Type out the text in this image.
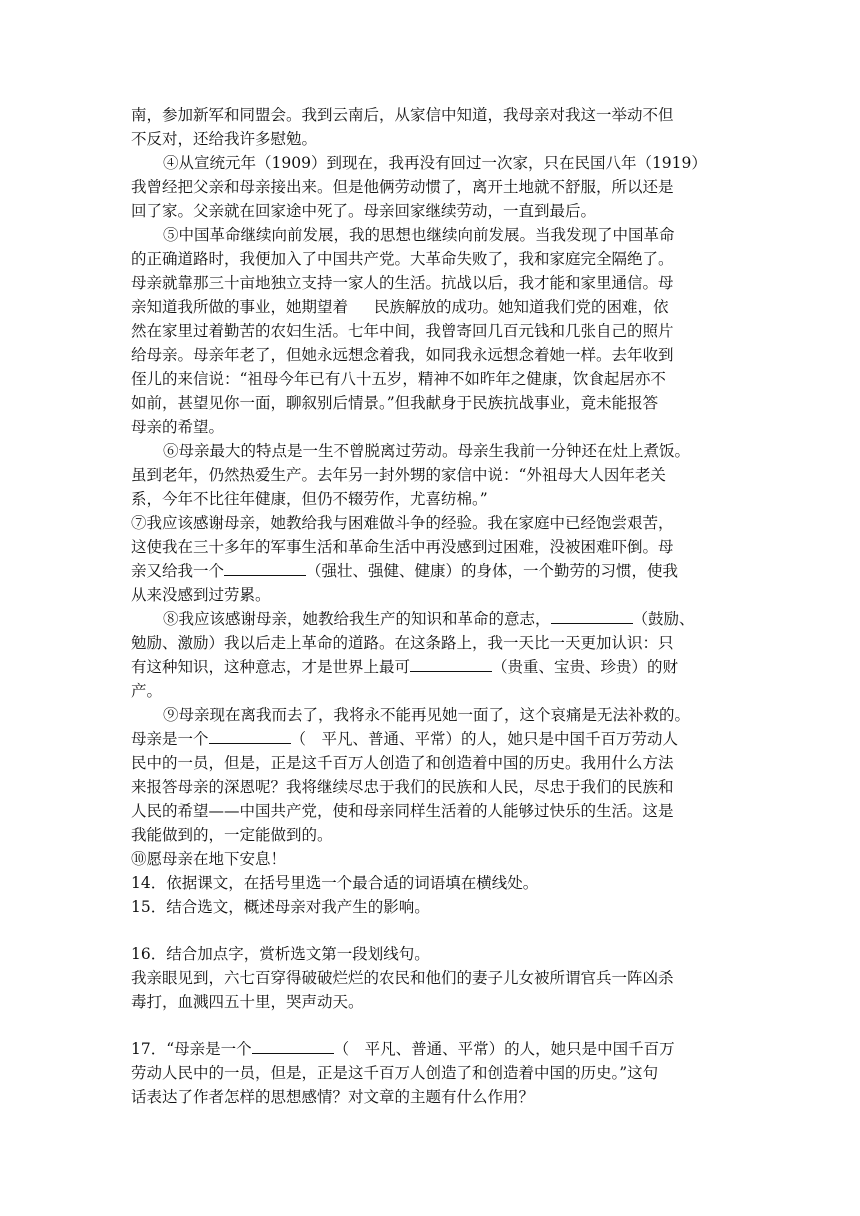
南，参加新军和同盟会。我到云南后，从家信中知道，我母亲对我这一举动不但
不反对，还给我许多慰勉。
④从宣统元年（1909）到现在，我再没有回过一次家，只在民国八年（1919）
我曾经把父亲和母亲接出来。但是他俩劳动惯了，离开土地就不舒服，所以还是
回了家。父亲就在回家途中死了。母亲回家继续劳动，一直到最后。
⑤中国革命继续向前发展，我的思想也继续向前发展。当我发现了中国革命
的正确道路时，我便加入了中国共产党。大革命失败了，我和家庭完全隔绝了。
母亲就靠那三十亩地独立支持一家人的生活。抗战以后，我才能和家里通信。母
亲知道我所做的事业，她期望着 民族解放的成功。她知道我们党的困难，依
然在家里过着勤苦的农妇生活。七年中间，我曾寄回几百元钱和几张自己的照片
给母亲。母亲年老了，但她永远想念着我，如同我永远想念着她一样。去年收到
侄儿的来信说：“祖母今年已有八十五岁，精神不如昨年之健康，饮食起居亦不
如前，甚望见你一面，聊叙别后情景。”但我献身于民族抗战事业，竟未能报答
母亲的希望。
⑥母亲最大的特点是一生不曾脱离过劳动。母亲生我前一分钟还在灶上煮饭。
虽到老年，仍然热爱生产。去年另一封外甥的家信中说：“外祖母大人因年老关
系，今年不比往年健康，但仍不辍劳作，尤喜纺棉。”
⑦我应该感谢母亲，她教给我与困难做斗争的经验。我在家庭中已经饱尝艰苦，
这使我在三十多年的军事生活和革命生活中再没感到过困难，没被困难吓倒。母
亲又给我一个	（强壮、强健、健康）的身体，一个勤劳的习惯，使我
从来没感到过劳累。
⑧我应该感谢母亲，她教给我生产的知识和革命的意志，	（鼓励、
勉励、激励）我以后走上革命的道路。在这条路上，我一天比一天更加认识：只
有这种知识，这种意志，才是世界上最可	（贵重、宝贵、珍贵）的财
产。
⑨母亲现在离我而去了，我将永不能再见她一面了，这个哀痛是无法补救的。
母亲是一个	（　平凡、普通、平常）的人，她只是中国千百万劳动人
民中的一员，但是，正是这千百万人创造了和创造着中国的历史。我用什么方法
来报答母亲的深恩呢？我将继续尽忠于我们的民族和人民，尽忠于我们的民族和
人民的希望——中国共产党，使和母亲同样生活着的人能够过快乐的生活。这是
我能做到的，一定能做到的。
⑩愿母亲在地下安息！
14．依据课文，在括号里选一个最合适的词语填在横线处。
15．结合选文，概述母亲对我产生的影响。
16．结合加点字，赏析选文第一段划线句。
我亲眼见到，六七百穿得破破烂烂的农民和他们的妻子儿女被所谓官兵一阵凶杀
毒打，血溅四五十里，哭声动天。
17．“母亲是一个	（　平凡、普通、平常）的人，她只是中国千百万
劳动人民中的一员，但是，正是这千百万人创造了和创造着中国的历史。”这句
话表达了作者怎样的思想感情？对文章的主题有什么作用？
